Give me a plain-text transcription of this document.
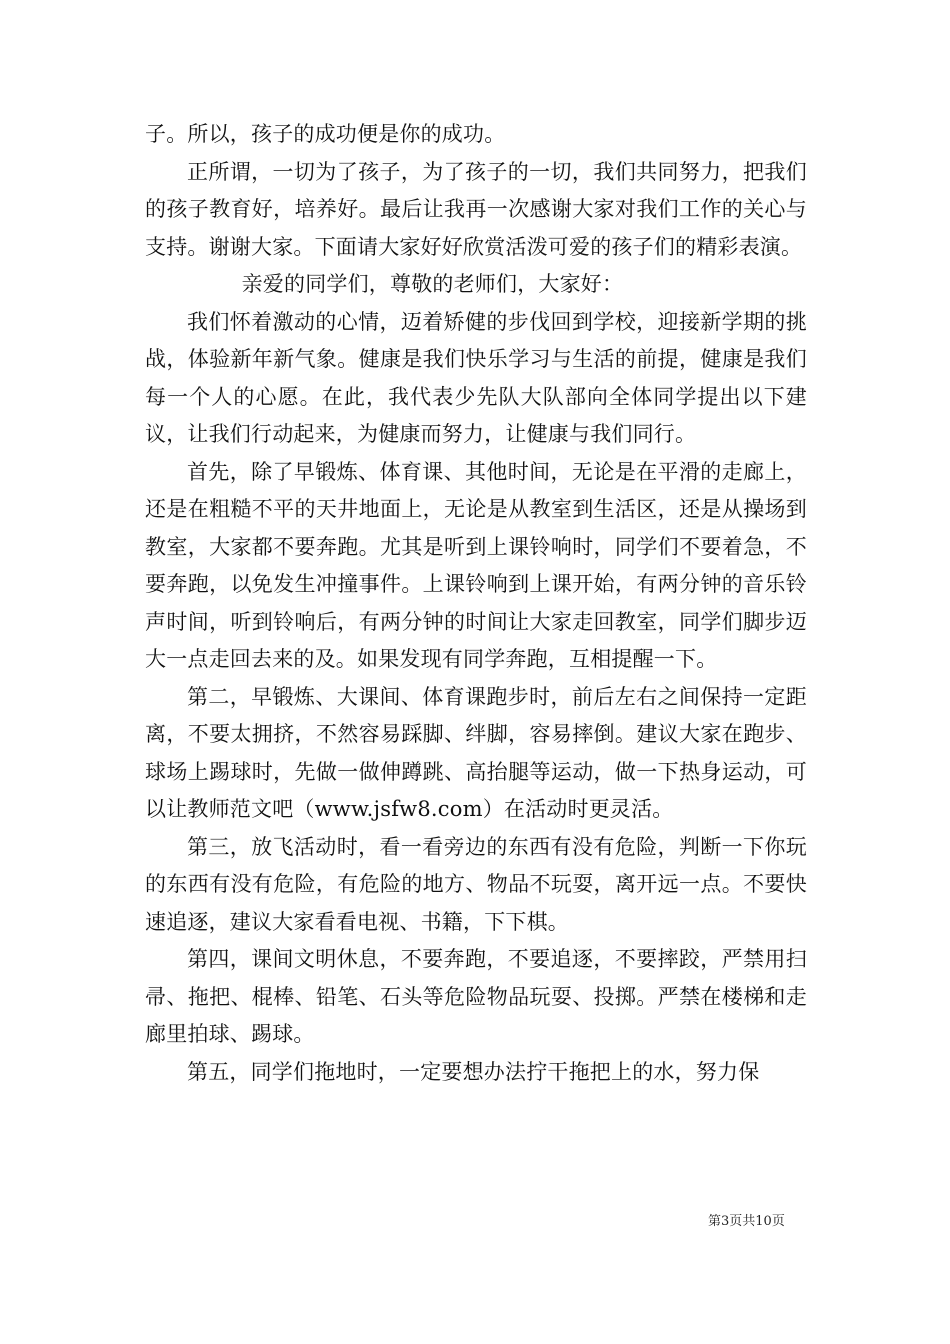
子。所以，孩子的成功便是你的成功。

正所谓，一切为了孩子，为了孩子的一切，我们共同努力，把我们的孩子教育好，培养好。最后让我再一次感谢大家对我们工作的关心与支持。谢谢大家。下面请大家好好欣赏活泼可爱的孩子们的精彩表演。

亲爱的同学们，尊敬的老师们，大家好：

我们怀着激动的心情，迈着矫健的步伐回到学校，迎接新学期的挑战，体验新年新气象。健康是我们快乐学习与生活的前提，健康是我们每一个人的心愿。在此，我代表少先队大队部向全体同学提出以下建议，让我们行动起来，为健康而努力，让健康与我们同行。

首先，除了早锻炼、体育课、其他时间，无论是在平滑的走廊上，还是在粗糙不平的天井地面上，无论是从教室到生活区，还是从操场到教室，大家都不要奔跑。尤其是听到上课铃响时，同学们不要着急，不要奔跑，以免发生冲撞事件。上课铃响到上课开始，有两分钟的音乐铃声时间，听到铃响后，有两分钟的时间让大家走回教室，同学们脚步迈大一点走回去来的及。如果发现有同学奔跑，互相提醒一下。

第二，早锻炼、大课间、体育课跑步时，前后左右之间保持一定距离，不要太拥挤，不然容易踩脚、绊脚，容易摔倒。建议大家在跑步、球场上踢球时，先做一做伸蹲跳、高抬腿等运动，做一下热身运动，可以让教师范文吧（www.jsfw8.com）在活动时更灵活。

第三，放飞活动时，看一看旁边的东西有没有危险，判断一下你玩的东西有没有危险，有危险的地方、物品不玩耍，离开远一点。不要快速追逐，建议大家看看电视、书籍，下下棋。

第四，课间文明休息，不要奔跑，不要追逐，不要摔跤，严禁用扫帚、拖把、棍棒、铅笔、石头等危险物品玩耍、投掷。严禁在楼梯和走廊里拍球、踢球。

第五，同学们拖地时，一定要想办法拧干拖把上的水，努力保

第3页共10页
